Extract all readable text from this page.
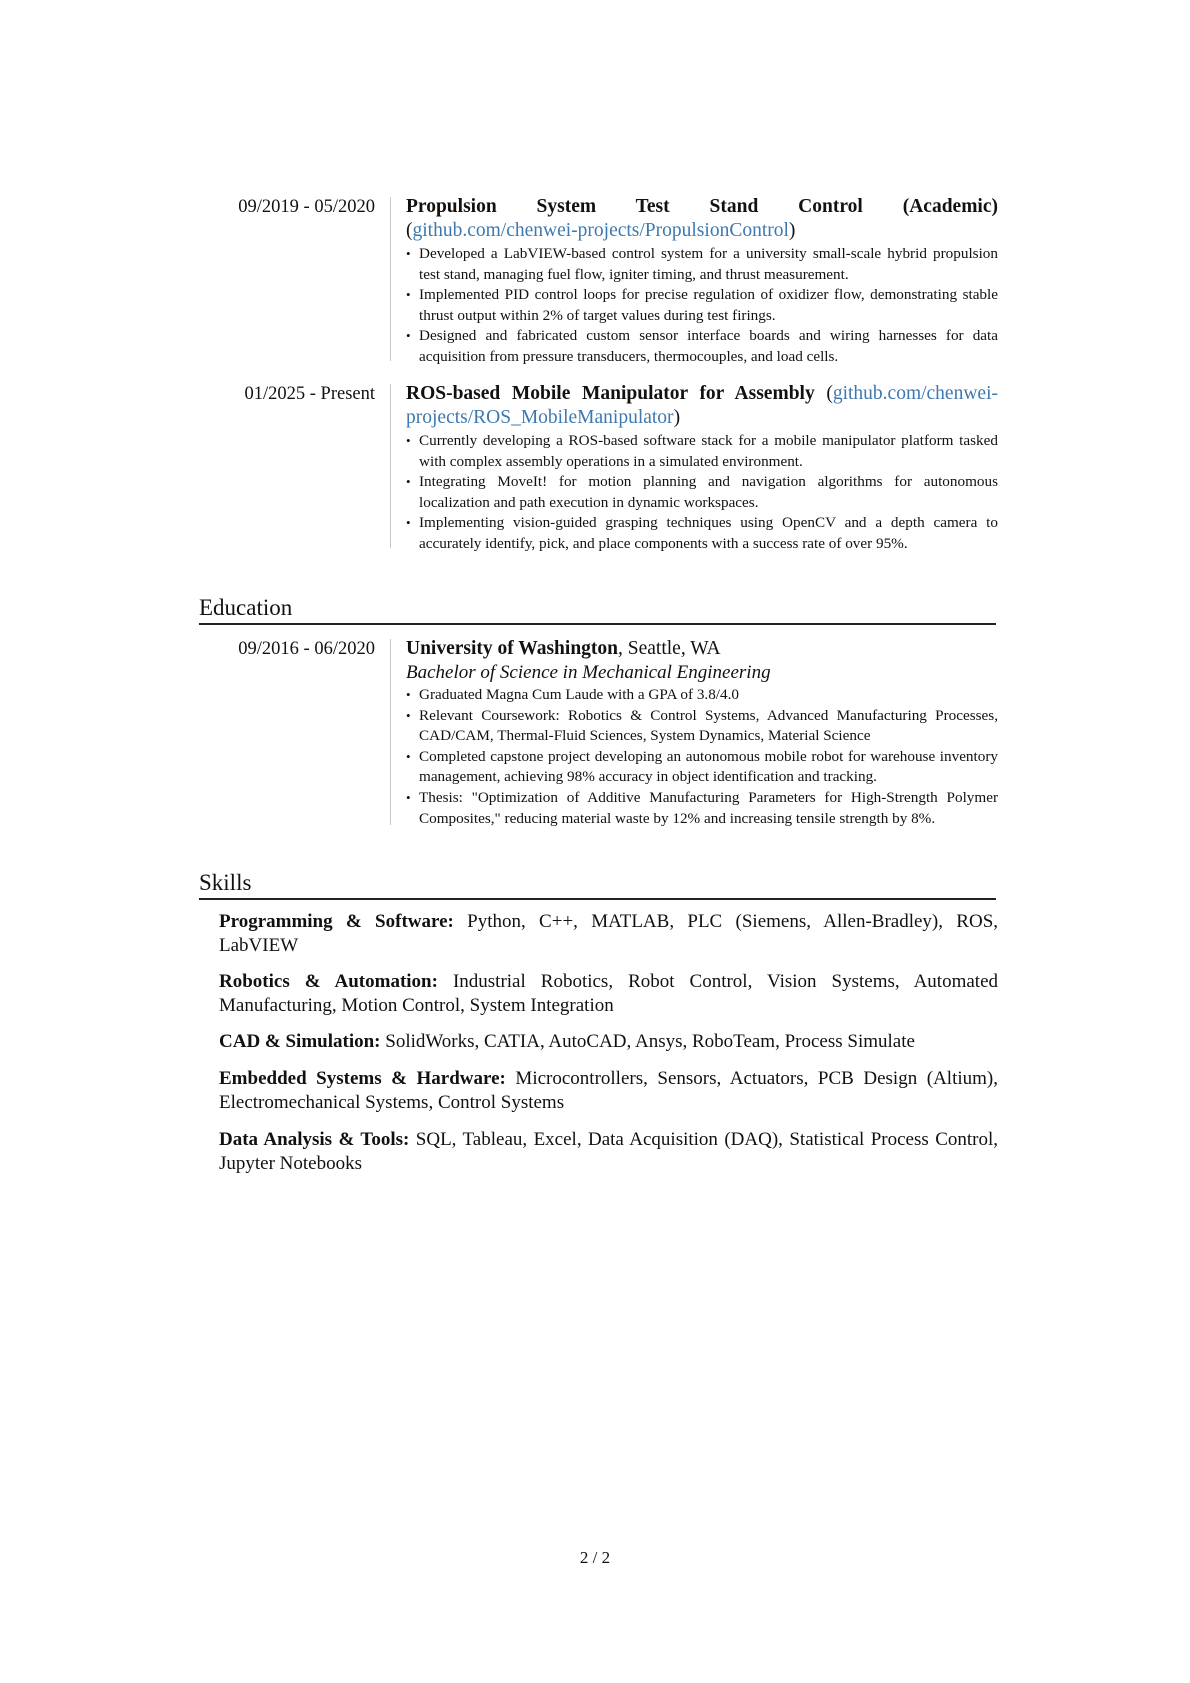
09/2019 - 05/2020 Propulsion System Test Stand Control (Academic) (github.com/chenwei-projects/PropulsionControl)
• Developed a LabVIEW-based control system for a university small-scale hybrid propulsion test stand, managing fuel flow, igniter timing, and thrust measurement.
• Implemented PID control loops for precise regulation of oxidizer flow, demonstrating stable thrust output within 2% of target values during test firings.
• Designed and fabricated custom sensor interface boards and wiring harnesses for data acquisition from pressure transducers, thermocouples, and load cells.
01/2025 - Present ROS-based Mobile Manipulator for Assembly (github.com/chenwei-projects/ROS_MobileManipulator)
• Currently developing a ROS-based software stack for a mobile manipulator platform tasked with complex assembly operations in a simulated environment.
• Integrating MoveIt! for motion planning and navigation algorithms for autonomous localization and path execution in dynamic workspaces.
• Implementing vision-guided grasping techniques using OpenCV and a depth camera to accurately identify, pick, and place components with a success rate of over 95%.
Education
09/2016 - 06/2020 University of Washington, Seattle, WA
Bachelor of Science in Mechanical Engineering
• Graduated Magna Cum Laude with a GPA of 3.8/4.0
• Relevant Coursework: Robotics & Control Systems, Advanced Manufacturing Processes, CAD/CAM, Thermal-Fluid Sciences, System Dynamics, Material Science
• Completed capstone project developing an autonomous mobile robot for warehouse inventory management, achieving 98% accuracy in object identification and tracking.
• Thesis: "Optimization of Additive Manufacturing Parameters for High-Strength Polymer Composites," reducing material waste by 12% and increasing tensile strength by 8%.
Skills
Programming & Software: Python, C++, MATLAB, PLC (Siemens, Allen-Bradley), ROS, LabVIEW
Robotics & Automation: Industrial Robotics, Robot Control, Vision Systems, Automated Manufacturing, Motion Control, System Integration
CAD & Simulation: SolidWorks, CATIA, AutoCAD, Ansys, RoboTeam, Process Simulate
Embedded Systems & Hardware: Microcontrollers, Sensors, Actuators, PCB Design (Altium), Electromechanical Systems, Control Systems
Data Analysis & Tools: SQL, Tableau, Excel, Data Acquisition (DAQ), Statistical Process Control, Jupyter Notebooks
2 / 2
